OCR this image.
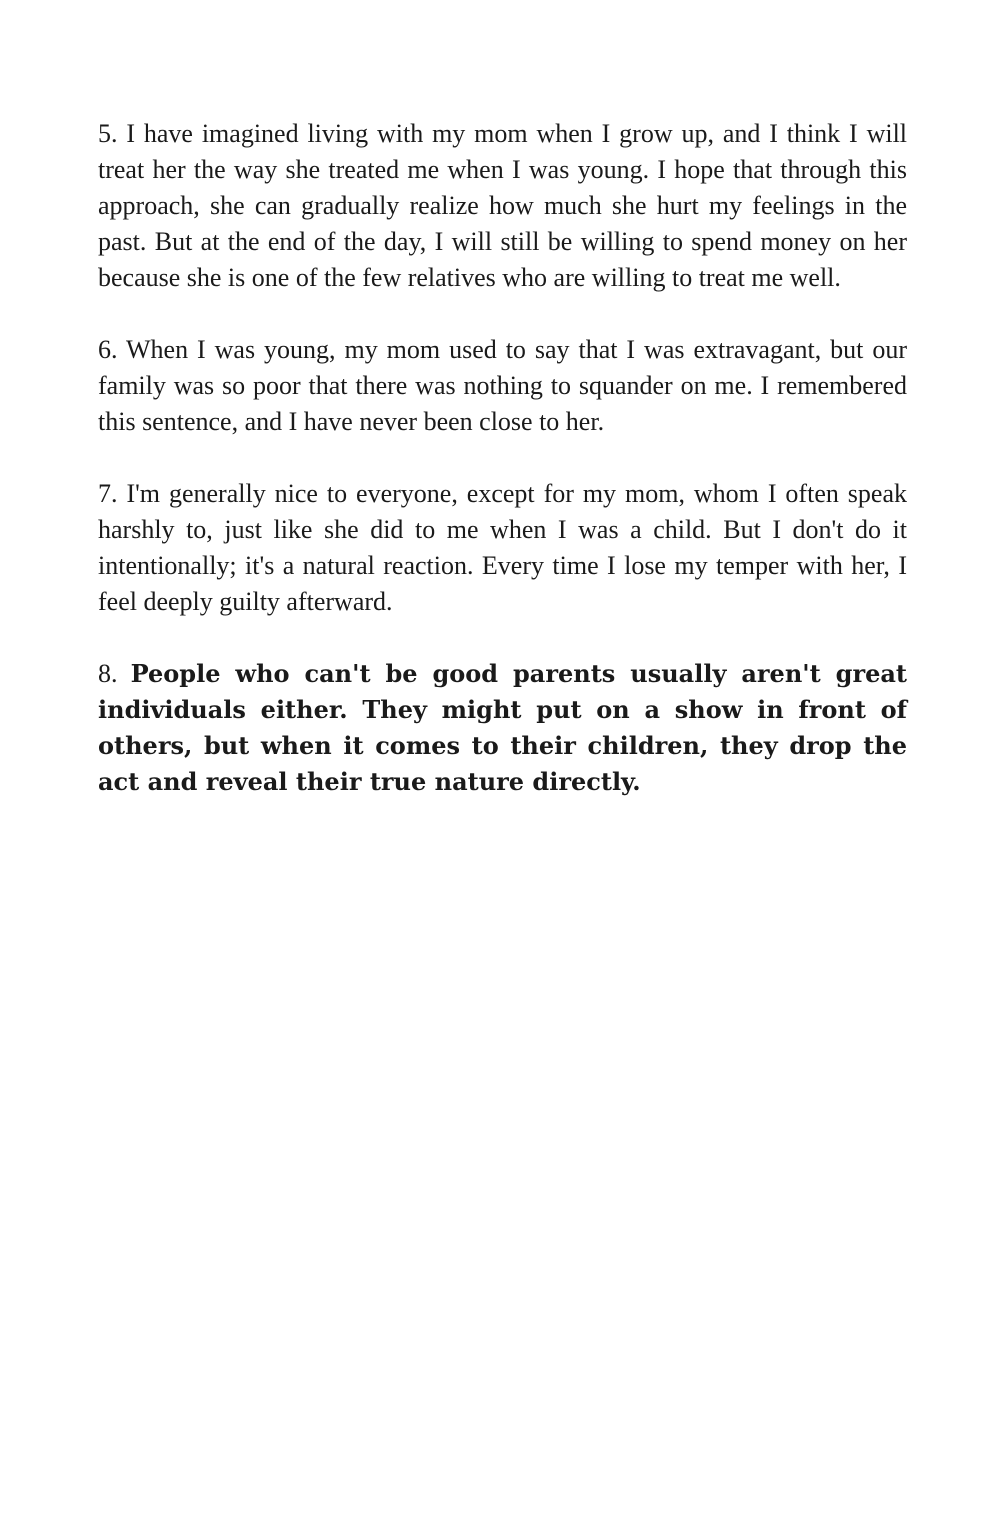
5. I have imagined living with my mom when I grow up, and I think I will treat her the way she treated me when I was young. I hope that through this approach, she can gradually realize how much she hurt my feelings in the past. But at the end of the day, I will still be willing to spend money on her because she is one of the few relatives who are willing to treat me well.

6. When I was young, my mom used to say that I was extravagant, but our family was so poor that there was nothing to squander on me. I remembered this sentence, and I have never been close to her.

7. I'm generally nice to everyone, except for my mom, whom I often speak harshly to, just like she did to me when I was a child. But I don't do it intentionally; it's a natural reaction. Every time I lose my temper with her, I feel deeply guilty afterward.

8. People who can't be good parents usually aren't great individuals either. They might put on a show in front of others, but when it comes to their children, they drop the act and reveal their true nature directly.
